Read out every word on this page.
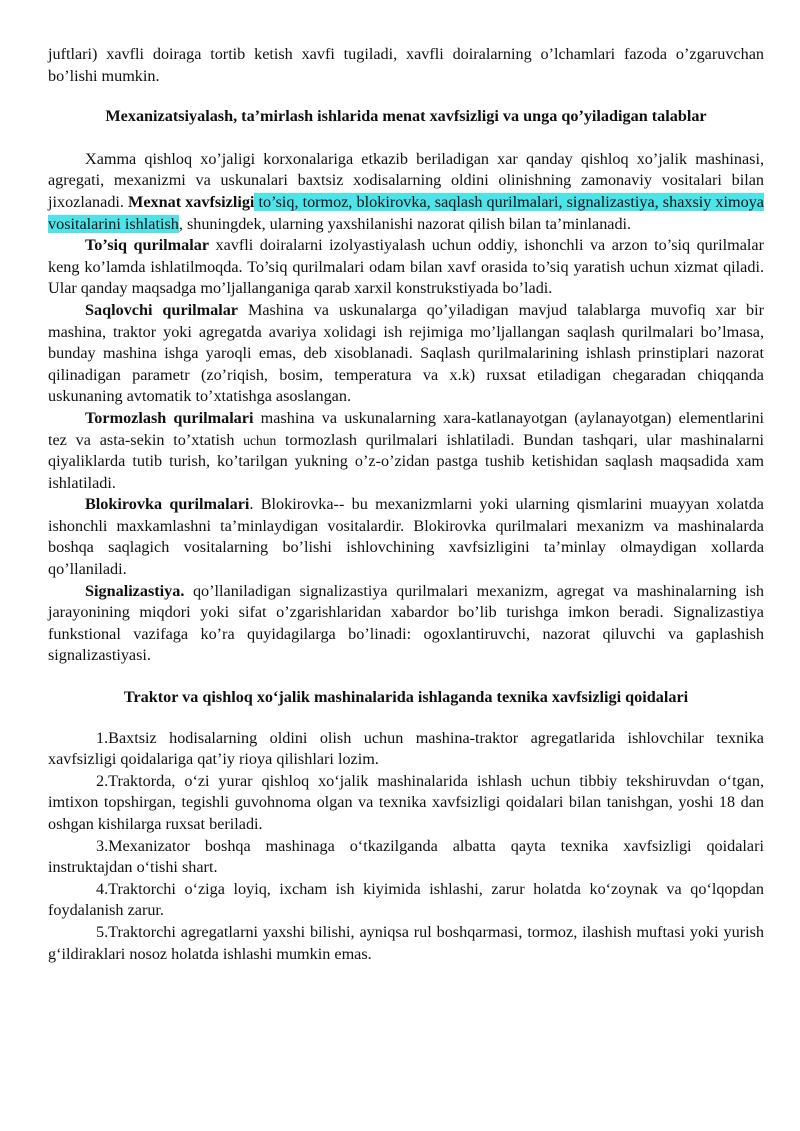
juftlari) xavfli doiraga tortib ketish xavfi tugiladi, xavfli doiralarning o’lchamlari fazoda o’zgaruvchan bo’lishi mumkin.

Mexanizatsiyalash, ta’mirlash ishlarida menat xavfsizligi va unga qo’yiladigan talablar

Xamma qishloq xo’jaligi korxonalariga etkazib beriladigan xar qanday qishloq xo’jalik mashinasi, agregati, mexanizmi va uskunalari baxtsiz xodisalarning oldini olinishning zamonaviy vositalari bilan jixozlanadi. Mexnat xavfsizligi to’siq, tormoz, blokirovka, saqlash qurilmalari, signalizastiya, shaxsiy ximoya vositalarini ishlatish, shuningdek, ularning yaxshilanishi nazorat qilish bilan ta’minlanadi.

To’siq qurilmalar xavfli doiralarni izolyastiyalash uchun oddiy, ishonchli va arzon to’siq qurilmalar keng ko’lamda ishlatilmoqda. To’siq qurilmalari odam bilan xavf orasida to’siq yaratish uchun xizmat qiladi. Ular qanday maqsadga mo’ljallanganiga qarab xarxil konstrukstiyada bo’ladi.

Saqlovchi qurilmalar Mashina va uskunalarga qo’yiladigan mavjud talablarga muvofiq xar bir mashina, traktor yoki agregatda avariya xolidagi ish rejimiga mo’ljallangan saqlash qurilmalari bo’lmasa, bunday mashina ishga yaroqli emas, deb xisoblanadi. Saqlash qurilmalarining ishlash prinstiplari nazorat qilinadigan parametr (zo’riqish, bosim, temperatura va x.k) ruxsat etiladigan chegaradan chiqqanda uskunaning avtomatik to’xtatishga asoslangan.

Tormozlash qurilmalari mashina va uskunalarning xara-katlanayotgan (aylanayotgan) elementlarini tez va asta-sekin to’xtatish uchun tormozlash qurilmalari ishlatiladi. Bundan tashqari, ular mashinalarni qiyaliklarda tutib turish, ko’tarilgan yukning o’z-o’zidan pastga tushib ketishidan saqlash maqsadida xam ishlatiladi.

Blokirovka qurilmalari. Blokirovka-- bu mexanizmlarni yoki ularning qismlarini muayyan xolatda ishonchli maxkamlashni ta’minlaydigan vositalardir. Blokirovka qurilmalari mexanizm va mashinalarda boshqa saqlagich vositalarning bo’lishi ishlovchining xavfsizligini ta’minlay olmaydigan xollarda qo’llaniladi.

Signalizastiya. qo’llaniladigan signalizastiya qurilmalari mexanizm, agregat va mashinalarning ish jarayonining miqdori yoki sifat o’zgarishlaridan xabardor bo’lib turishga imkon beradi. Signalizastiya funkstional vazifaga ko’ra quyidagilarga bo’linadi: ogoxlantiruvchi, nazorat qiluvchi va gaplashish signalizastiyasi.

Traktor va qishloq xo‘jalik mashinalarida ishlaganda texnika xavfsizligi qoidalari

1.Baxtsiz hodisalarning oldini olish uchun mashina-traktor agregatlarida ishlovchilar texnika xavfsizligi qoidalariga qat’iy rioya qilishlari lozim.

2.Traktorda, o‘zi yurar qishloq xo‘jalik mashinalarida ishlash uchun tibbiy tekshiruvdan o‘tgan, imtixon topshirgan, tegishli guvohnoma olgan va texnika xavfsizligi qoidalari bilan tanishgan, yoshi 18 dan oshgan kishilarga ruxsat beriladi.

3.Mexanizator boshqa mashinaga o‘tkazilganda albatta qayta texnika xavfsizligi qoidalari instruktajdan o‘tishi shart.

4.Traktorchi o‘ziga loyiq, ixcham ish kiyimida ishlashi, zarur holatda ko‘zoynak va qo‘lqopdan foydalanish zarur.

5.Traktorchi agregatlarni yaxshi bilishi, ayniqsa rul boshqarmasi, tormoz, ilashish muftasi yoki yurish g‘ildiraklari nosoz holatda ishlashi mumkin emas.
